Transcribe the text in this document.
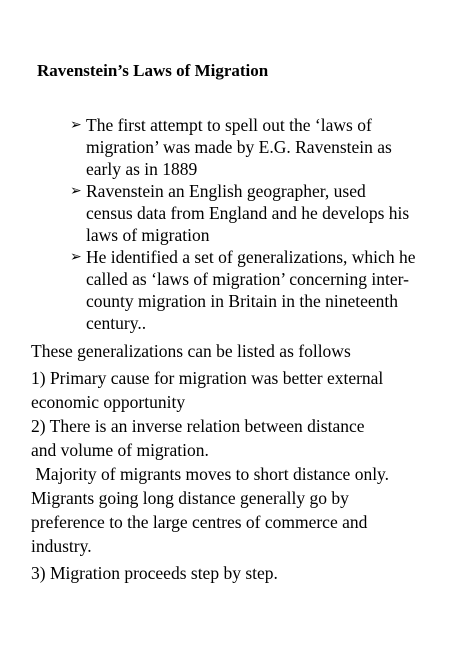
Ravenstein’s Laws of Migration
➢ The first attempt to spell out the ‘laws of
migration’ was made by E.G. Ravenstein as
early as in 1889
➢ Ravenstein an English geographer, used
census data from England and he develops his
laws of migration
➢ He identified a set of generalizations, which he
called as ‘laws of migration’ concerning inter-
county migration in Britain in the nineteenth
century..
These generalizations can be listed as follows
1) Primary cause for migration was better external
economic opportunity
2) There is an inverse relation between distance
and volume of migration.
Majority of migrants moves to short distance only.
Migrants going long distance generally go by
preference to the large centres of commerce and
industry.
3) Migration proceeds step by step.
